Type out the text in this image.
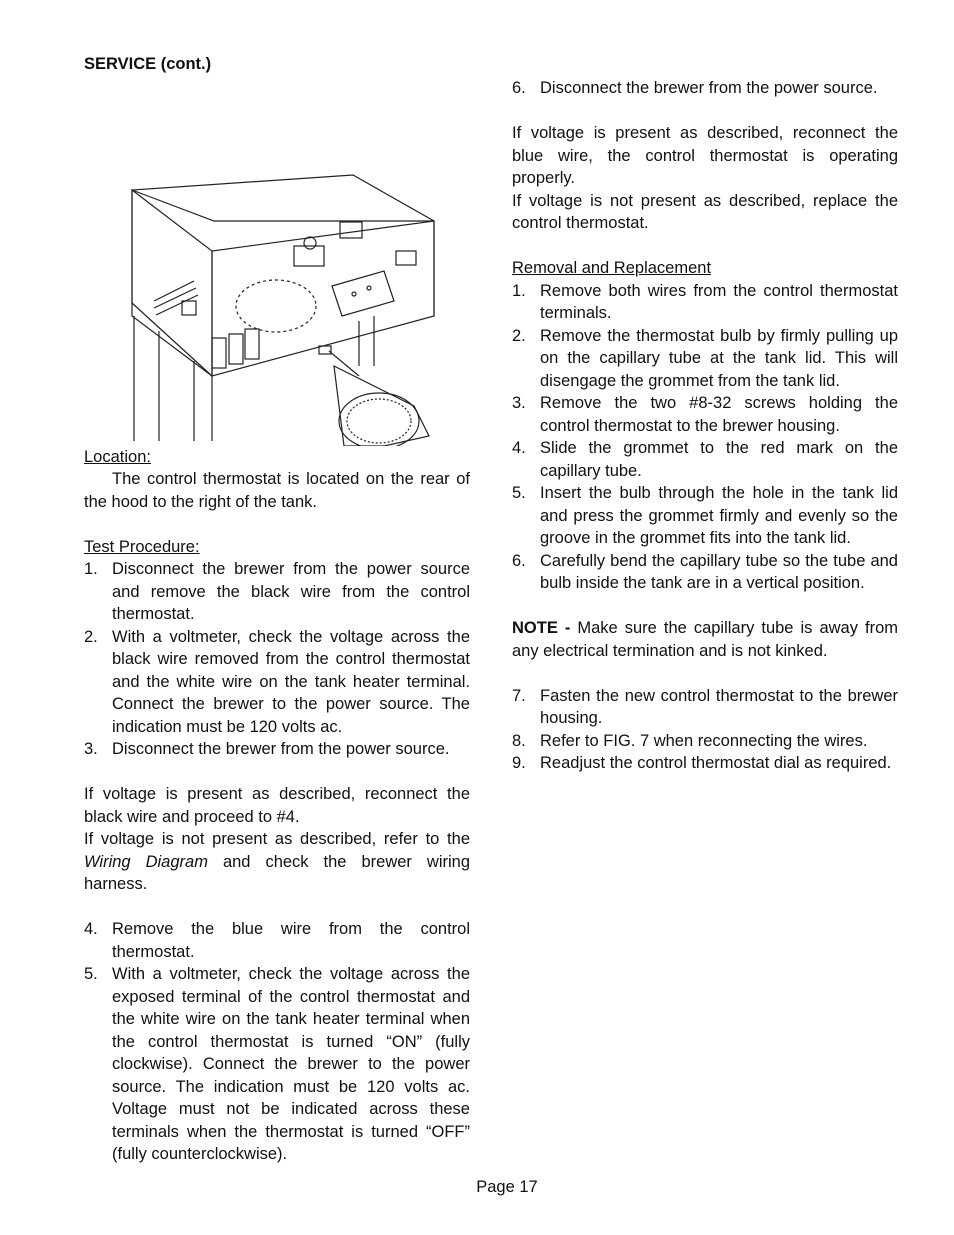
SERVICE (cont.)

Location:

The control thermostat is located on the rear of the hood to the right of the tank.

Test Procedure:

1. Disconnect the brewer from the power source and remove the black wire from the control thermostat.
2. With a voltmeter, check the voltage across the black wire removed from the control thermostat and the white wire on the tank heater terminal. Connect the brewer to the power source. The indication must be 120 volts ac.
3. Disconnect the brewer from the power source.

If voltage is present as described, reconnect the black wire and proceed to #4.

If voltage is not present as described, refer to the Wiring Diagram and check the brewer wiring harness.

4. Remove the blue wire from the control thermostat.
5. With a voltmeter, check the voltage across the exposed terminal of the control thermostat and the white wire on the tank heater terminal when the control thermostat is turned “ON” (fully clockwise). Connect the brewer to the power source. The indication must be 120 volts ac. Voltage must not be indicated across these terminals when the thermostat is turned “OFF” (fully counterclockwise).
6. Disconnect the brewer from the power source.

If voltage is present as described, reconnect the blue wire, the control thermostat is operating properly.

If voltage is not present as described, replace the control thermostat.

Removal and Replacement

1. Remove both wires from the control thermostat terminals.
2. Remove the thermostat bulb by firmly pulling up on the capillary tube at the tank lid. This will disengage the grommet from the tank lid.
3. Remove the two #8-32 screws holding the control thermostat to the brewer housing.
4. Slide the grommet to the red mark on the capillary tube.
5. Insert the bulb through the hole in the tank lid and press the grommet firmly and evenly so the groove in the grommet fits into the tank lid.
6. Carefully bend the capillary tube so the tube and bulb inside the tank are in a vertical position.

NOTE - Make sure the capillary tube is away from any electrical termination and is not kinked.

7. Fasten the new control thermostat to the brewer housing.
8. Refer to FIG. 7 when reconnecting the wires.
9. Readjust the control thermostat dial as required.
Page 17
